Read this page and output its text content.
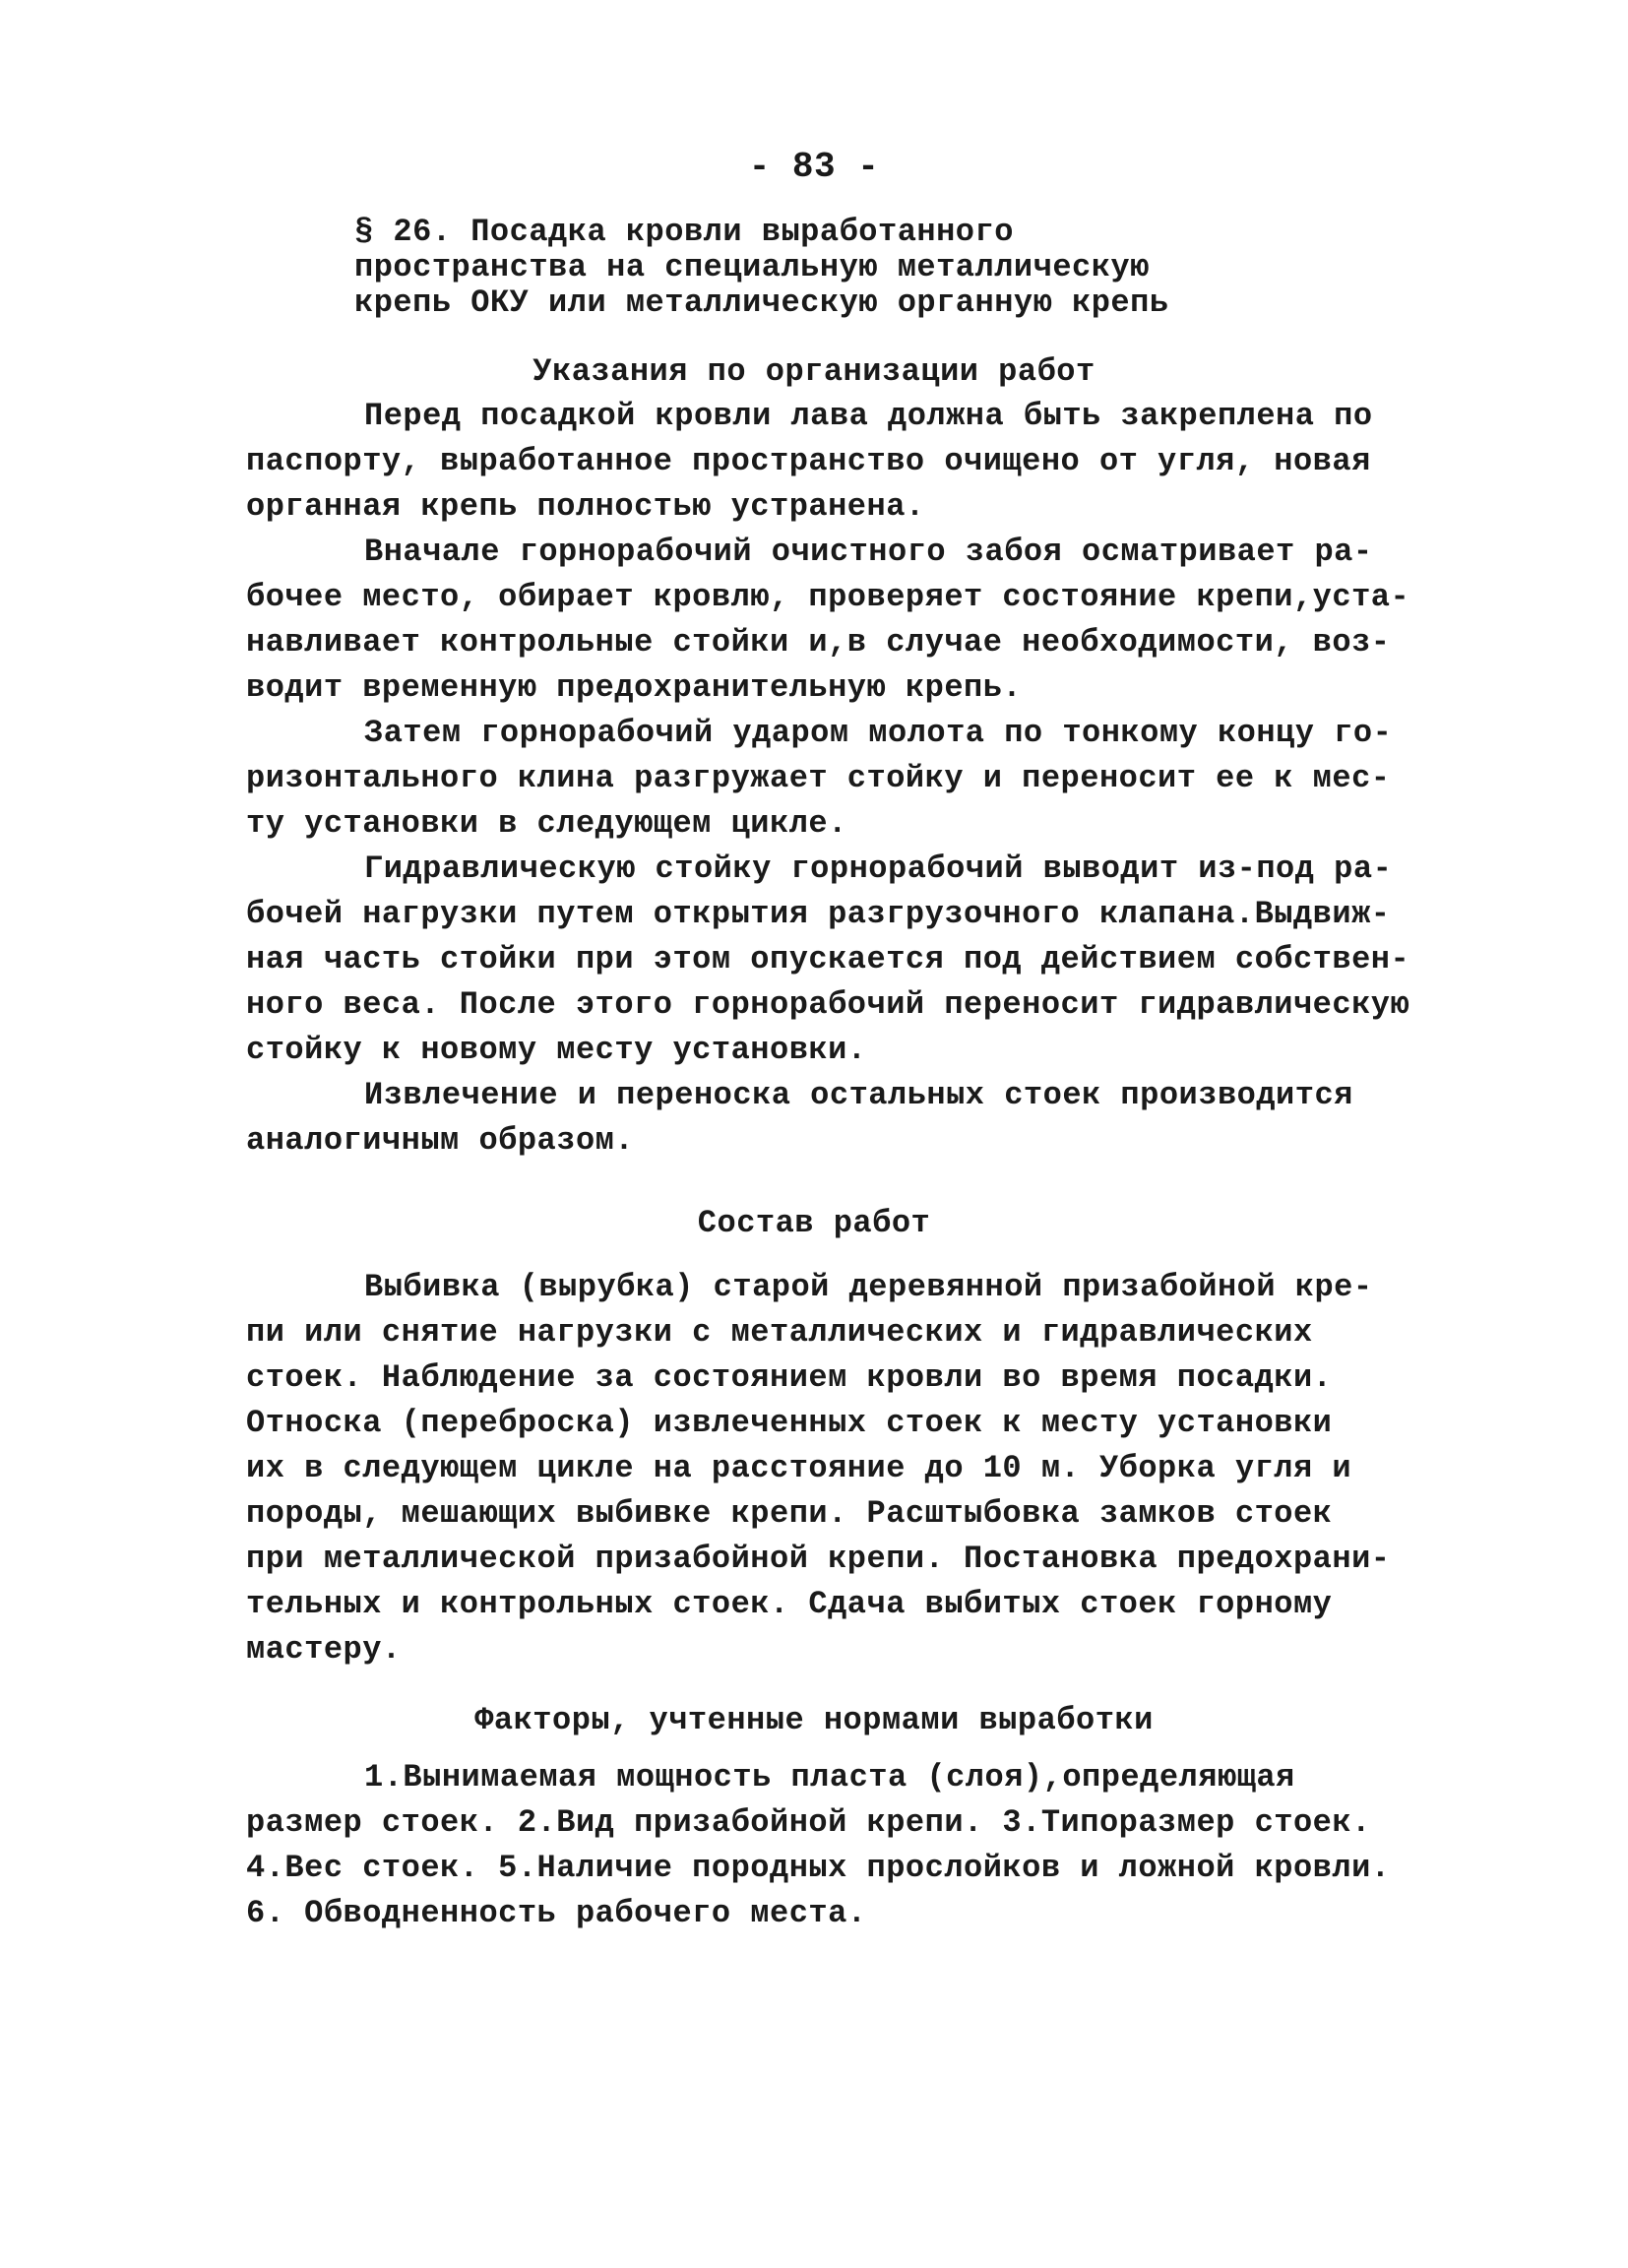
- 83 -
§ 26. Посадка кровли выработанного
пространства на специальную металлическую
крепь ОКУ или металлическую органную крепь
Указания по организации работ
Перед посадкой кровли лава должна быть закреплена по
паспорту, выработанное пространство очищено от угля, новая
органная крепь полностью устранена.
Вначале горнорабочий очистного забоя осматривает ра-
бочее место, обирает кровлю, проверяет состояние крепи,уста-
навливает контрольные стойки и,в случае необходимости, воз-
водит временную предохранительную крепь.
Затем горнорабочий ударом молота по тонкому концу го-
ризонтального клина разгружает стойку и переносит ее к мес-
ту установки в следующем цикле.
Гидравлическую стойку горнорабочий выводит из-под ра-
бочей нагрузки путем открытия разгрузочного клапана.Выдвиж-
ная часть стойки при этом опускается под действием собствен-
ного веса. После этого горнорабочий переносит гидравлическую
стойку к новому месту установки.
Извлечение и переноска остальных стоек производится
аналогичным образом.
Состав работ
Выбивка (вырубка) старой деревянной призабойной кре-
пи или снятие нагрузки с металлических и гидравлических
стоек. Наблюдение за состоянием кровли во время посадки.
Относка (переброска) извлеченных стоек к месту установки
их в следующем цикле на расстояние до 10 м. Уборка угля и
породы, мешающих выбивке крепи. Расштыбовка замков стоек
при металлической призабойной крепи. Постановка предохрани-
тельных и контрольных стоек. Сдача выбитых стоек горному
мастеру.
Факторы, учтенные нормами выработки
1.Вынимаемая мощность пласта (слоя),определяющая
размер стоек. 2.Вид призабойной крепи. 3.Типоразмер стоек.
4.Вес стоек. 5.Наличие породных прослойков и ложной кровли.
6. Обводненность рабочего места.
